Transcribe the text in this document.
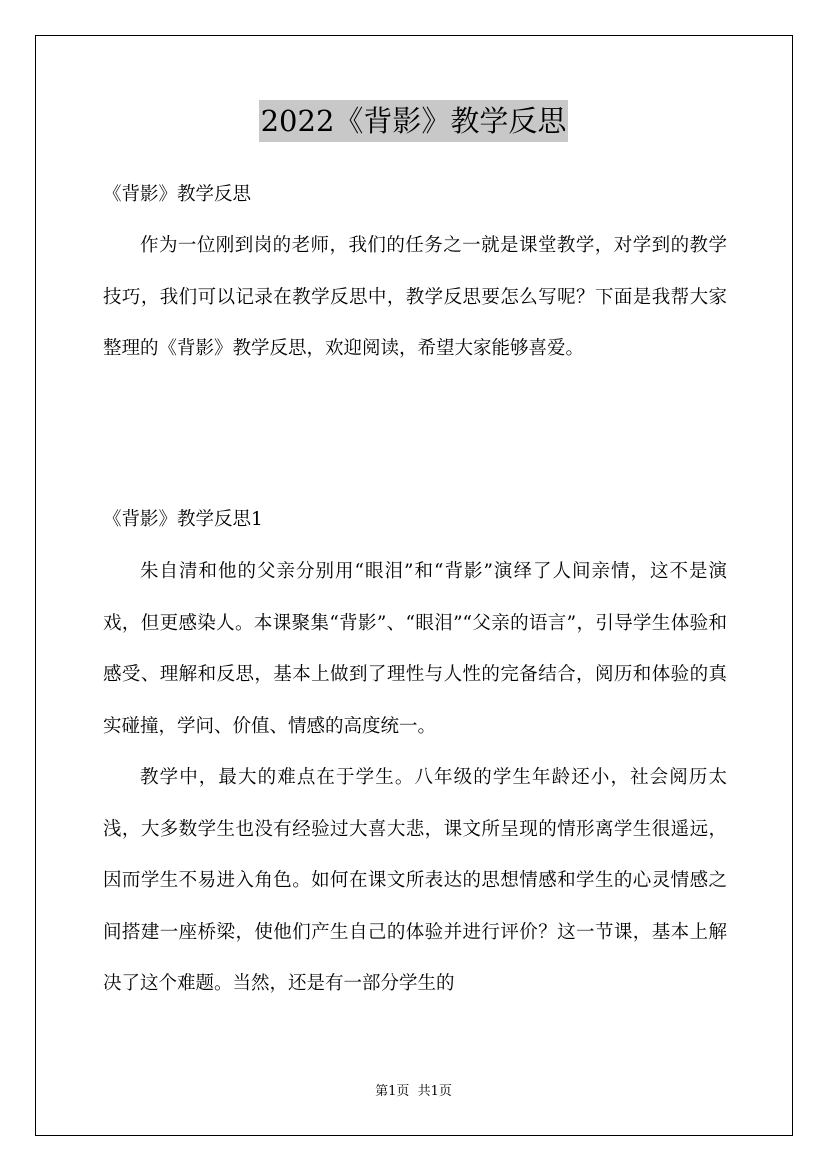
2022《背影》教学反思

《背影》教学反思

作为一位刚到岗的老师，我们的任务之一就是课堂教学，对学到的教学技巧，我们可以记录在教学反思中，教学反思要怎么写呢？下面是我帮大家整理的《背影》教学反思，欢迎阅读，希望大家能够喜爱。

《背影》教学反思1

朱自清和他的父亲分别用“眼泪”和“背影”演绎了人间亲情，这不是演戏，但更感染人。本课聚集“背影”、“眼泪”“父亲的语言”，引导学生体验和感受、理解和反思，基本上做到了理性与人性的完备结合，阅历和体验的真实碰撞，学问、价值、情感的高度统一。

教学中，最大的难点在于学生。八年级的学生年龄还小，社会阅历太浅，大多数学生也没有经验过大喜大悲，课文所呈现的情形离学生很遥远，因而学生不易进入角色。如何在课文所表达的思想情感和学生的心灵情感之间搭建一座桥梁，使他们产生自己的体验并进行评价？这一节课，基本上解决了这个难题。当然，还是有一部分学生的

第1页  共1页
